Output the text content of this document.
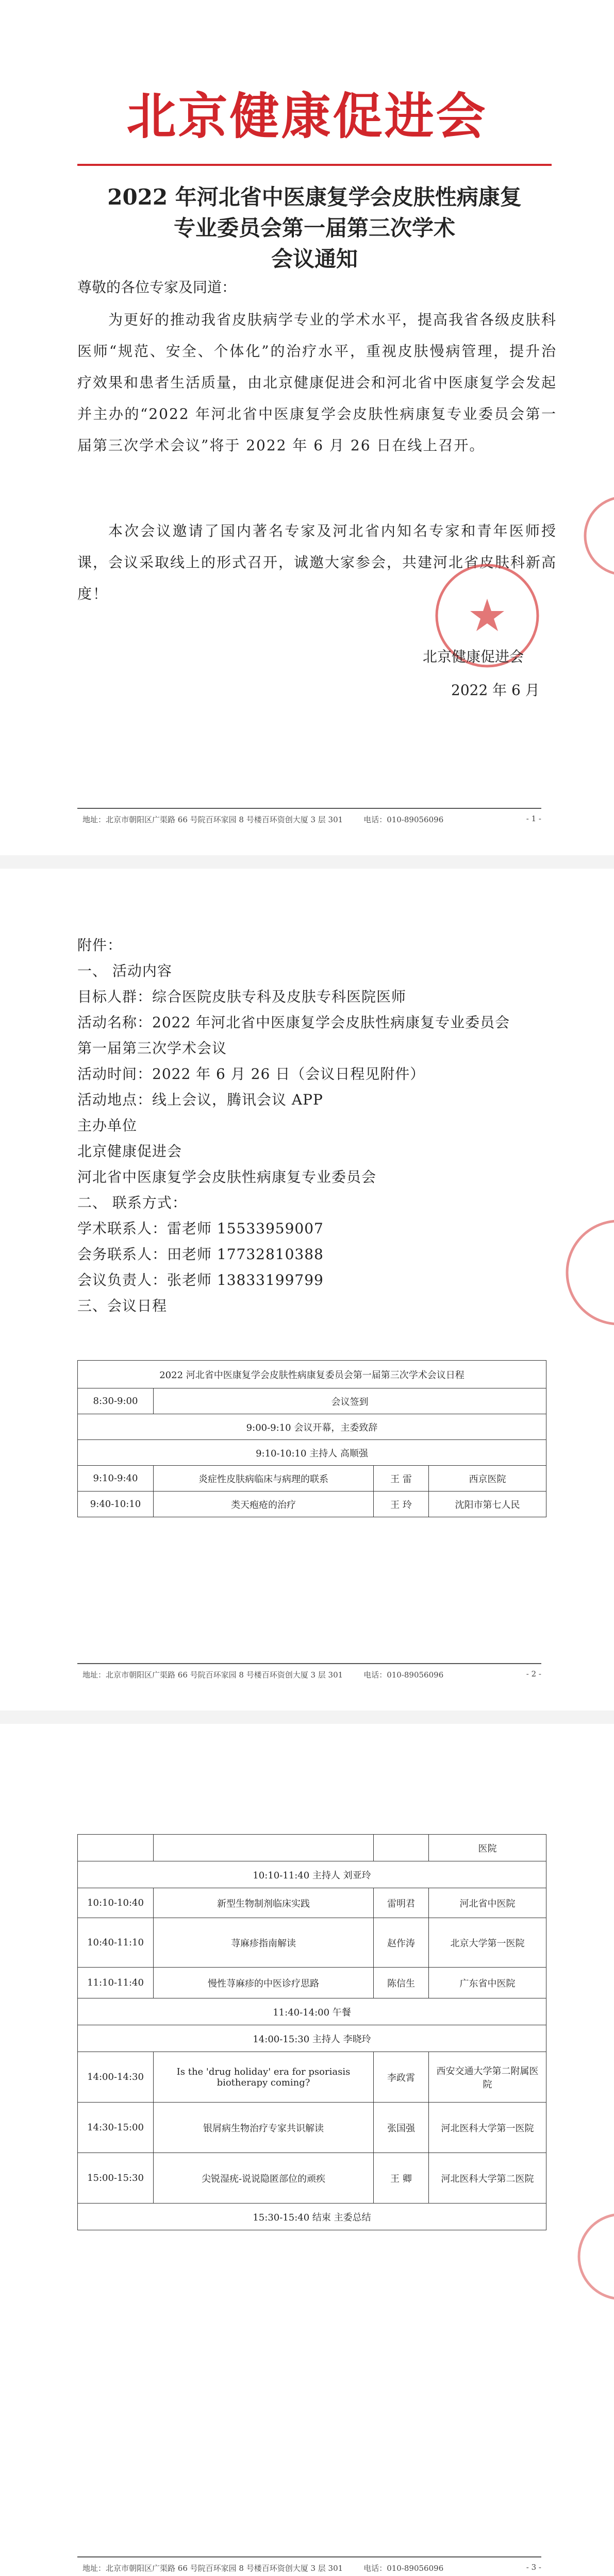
北京健康促进会
2022 年河北省中医康复学会皮肤性病康复
专业委员会第一届第三次学术
会议通知
尊敬的各位专家及同道：
为更好的推动我省皮肤病学专业的学术水平，提高我省各级皮肤科医师“规范、安全、个体化”的治疗水平，重视皮肤慢病管理，提升治疗效果和患者生活质量，由北京健康促进会和河北省中医康复学会发起并主办的“2022 年河北省中医康复学会皮肤性病康复专业委员会第一届第三次学术会议”将于 2022 年 6 月 26 日在线上召开。
本次会议邀请了国内著名专家及河北省内知名专家和青年医师授课，会议采取线上的形式召开，诚邀大家参会，共建河北省皮肤科新高度！
北京健康促进会
2022 年 6 月
地址：北京市朝阳区广渠路 66 号院百环家园 8 号楼百环资创大厦 3 层 301	电话：010-89056096	- 1 -
附件：
一、 活动内容
目标人群：综合医院皮肤专科及皮肤专科医院医师
活动名称：2022 年河北省中医康复学会皮肤性病康复专业委员会
第一届第三次学术会议
活动时间：2022 年 6 月 26 日（会议日程见附件）
活动地点：线上会议，腾讯会议 APP
主办单位
北京健康促进会
河北省中医康复学会皮肤性病康复专业委员会
二、 联系方式：
学术联系人：雷老师 15533959007
会务联系人：田老师 17732810388
会议负责人：张老师 13833199799
三、会议日程
2022 河北省中医康复学会皮肤性病康复委员会第一届第三次学术会议日程			
8:30-9:00	会议签到		
9:00-9:10 会议开幕，主委致辞			
9:10-10:10 主持人 高顺强			
9:10-9:40	炎症性皮肤病临床与病理的联系	王 雷	西京医院
9:40-10:10	类天疱疮的治疗	王 玲	沈阳市第七人民
地址：北京市朝阳区广渠路 66 号院百环家园 8 号楼百环资创大厦 3 层 301	电话：010-89056096	- 2 -
			医院
10:10-11:40 主持人 刘亚玲			
10:10-10:40	新型生物制剂临床实践	雷明君	河北省中医院
10:40-11:10	荨麻疹指南解读	赵作涛	北京大学第一医院
11:10-11:40	慢性荨麻疹的中医诊疗思路	陈信生	广东省中医院
11:40-14:00 午餐			
14:00-15:30 主持人 李晓玲			
14:00-14:30	Is the 'drug holiday' era for psoriasis biotherapy coming?	李政霄	西安交通大学第二附属医院
14:30-15:00	银屑病生物治疗专家共识解读	张国强	河北医科大学第一医院
15:00-15:30	尖锐湿疣-说说隐匿部位的顽疾	王 卿	河北医科大学第二医院
15:30-15:40 结束 主委总结			
地址：北京市朝阳区广渠路 66 号院百环家园 8 号楼百环资创大厦 3 层 301	电话：010-89056096	- 3 -
